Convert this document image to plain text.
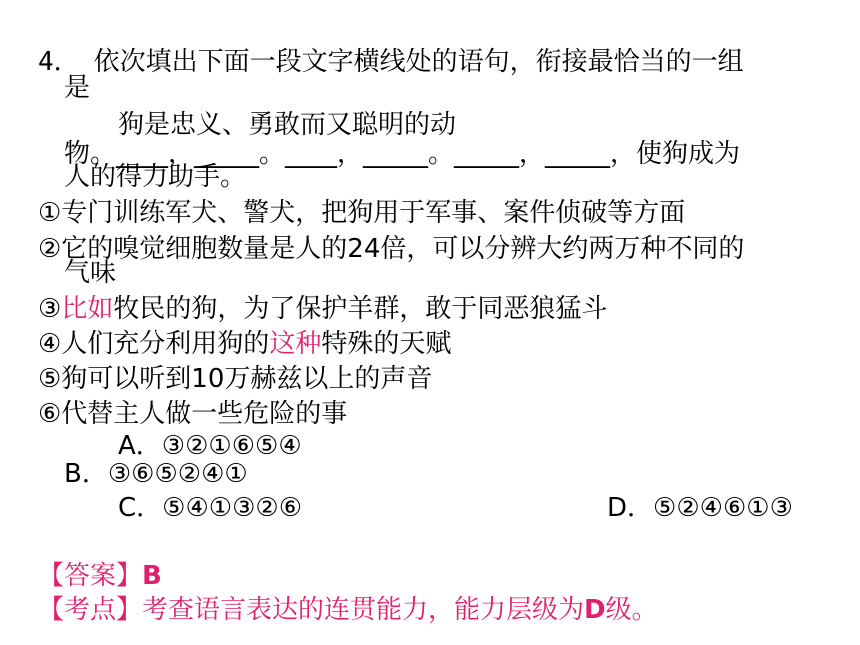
4． 依次填出下面一段文字横线处的语句，衔接最恰当的一组
是
狗是忠义、勇敢而又聪明的动
物。____，_____。____，_____。_____，_____，使狗成为
人的得力助手。
①专门训练军犬、警犬，把狗用于军事、案件侦破等方面
②它的嗅觉细胞数量是人的24倍，可以分辨大约两万种不同的
气味
③比如牧民的狗，为了保护羊群，敢于同恶狼猛斗
④人们充分利用狗的这种特殊的天赋
⑤狗可以听到10万赫兹以上的声音
⑥代替主人做一些危险的事
A．③②①⑥⑤④
B．③⑥⑤②④①
C．⑤④①③②⑥	D．⑤②④⑥①③
【答案】B
【考点】考查语言表达的连贯能力，能力层级为D级。
